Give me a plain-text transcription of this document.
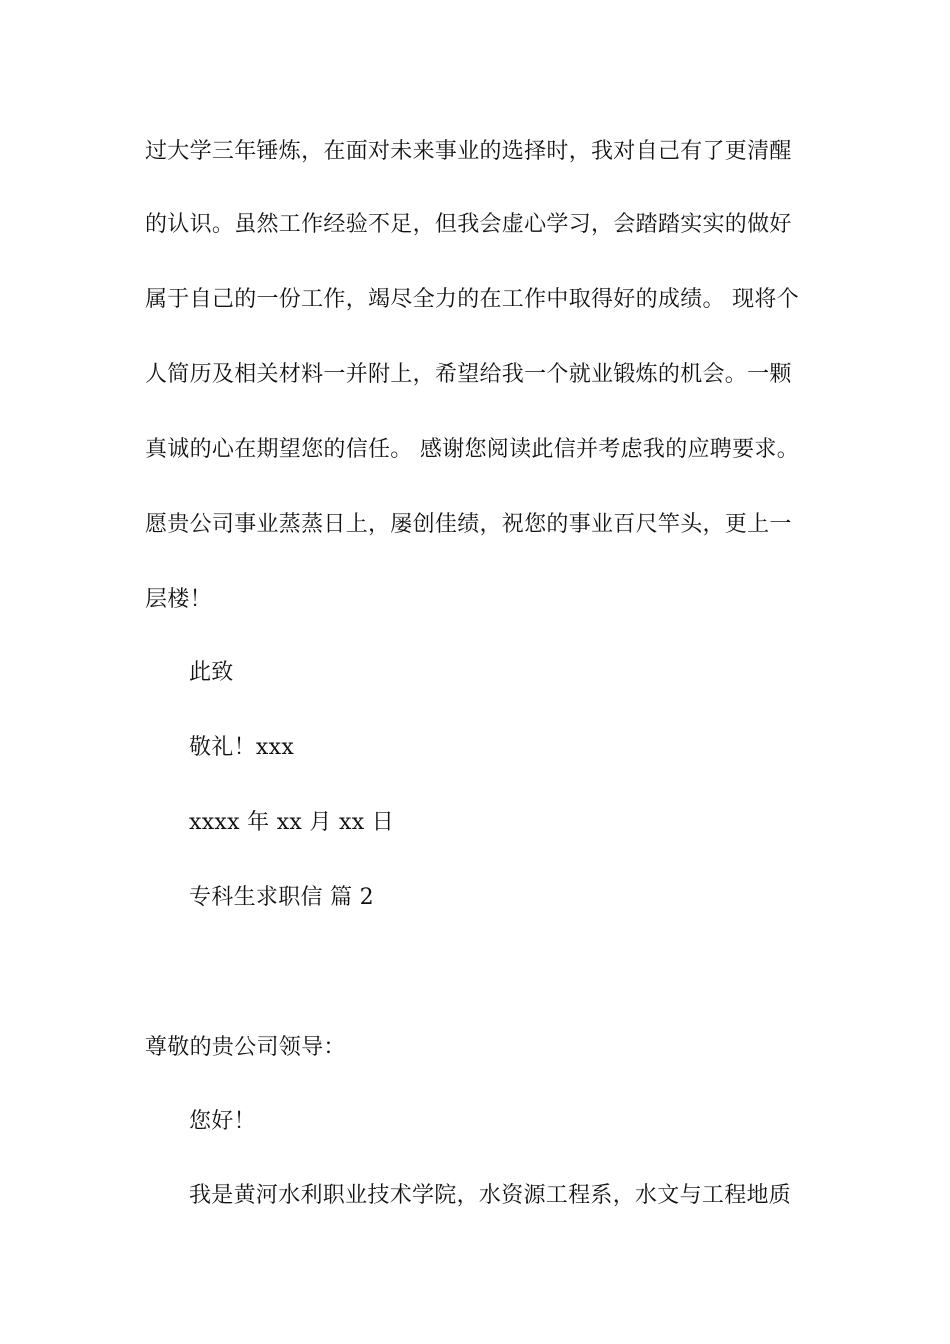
过大学三年锤炼，在面对未来事业的选择时，我对自己有了更清醒
的认识。虽然工作经验不足，但我会虚心学习，会踏踏实实的做好
属于自己的一份工作，竭尽全力的在工作中取得好的成绩。 现将个
人简历及相关材料一并附上，希望给我一个就业锻炼的机会。一颗
真诚的心在期望您的信任。 感谢您阅读此信并考虑我的应聘要求。
愿贵公司事业蒸蒸日上，屡创佳绩，祝您的事业百尺竿头，更上一
层楼！
此致
敬礼！xxx
xxxx 年 xx 月 xx 日
专科生求职信 篇 2
尊敬的贵公司领导：
您好！
我是黄河水利职业技术学院，水资源工程系，水文与工程地质
